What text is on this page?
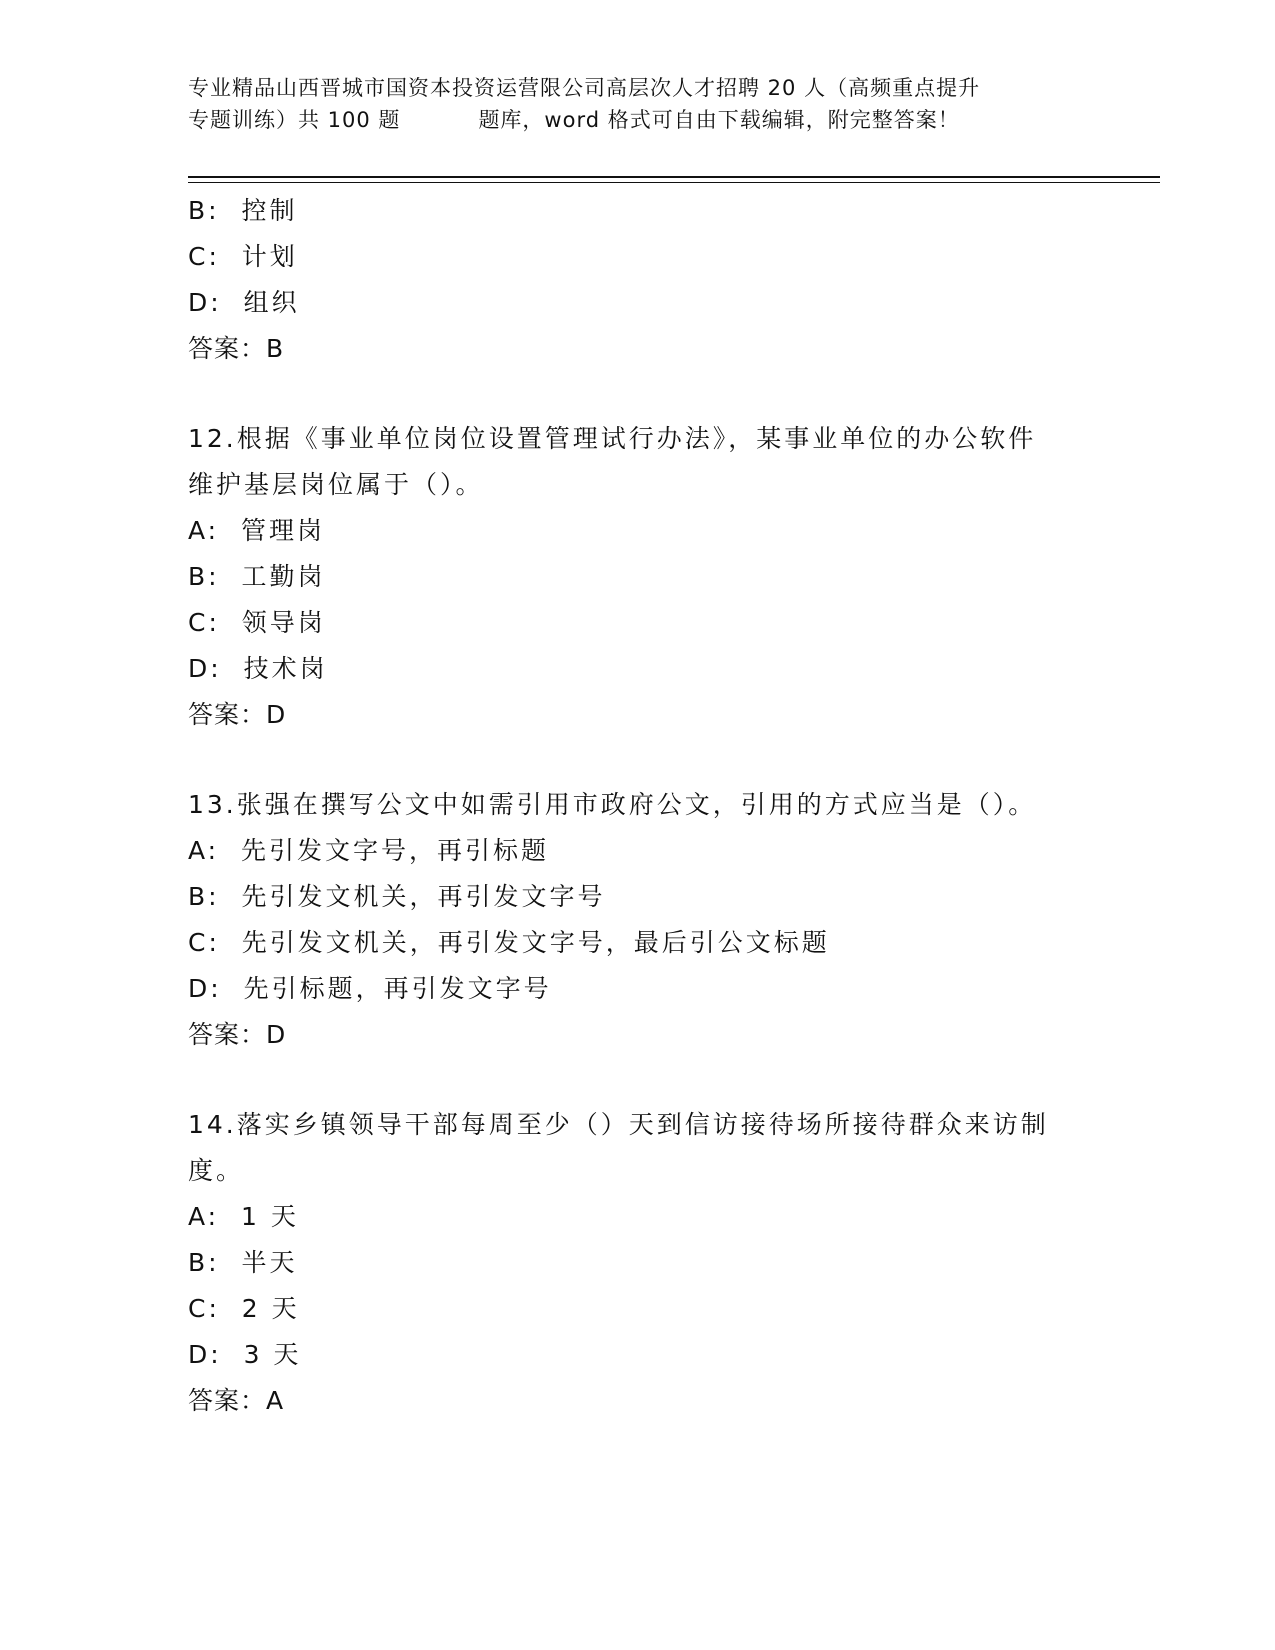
专业精品山西晋城市国资本投资运营限公司高层次人才招聘 20 人（高频重点提升
专题训练）共 100 题	题库，word 格式可自由下载编辑，附完整答案！
B:  控制
C:  计划
D:  组织
答案：B
12.根据《事业单位岗位设置管理试行办法》，某事业单位的办公软件
维护基层岗位属于（）。
A:  管理岗
B:  工勤岗
C:  领导岗
D:  技术岗
答案：D
13.张强在撰写公文中如需引用市政府公文，引用的方式应当是（）。
A:  先引发文字号，再引标题
B:  先引发文机关，再引发文字号
C:  先引发文机关，再引发文字号，最后引公文标题
D:  先引标题，再引发文字号
答案：D
14.落实乡镇领导干部每周至少（）天到信访接待场所接待群众来访制
度。
A:  1 天
B:  半天
C:  2 天
D:  3 天
答案：A
